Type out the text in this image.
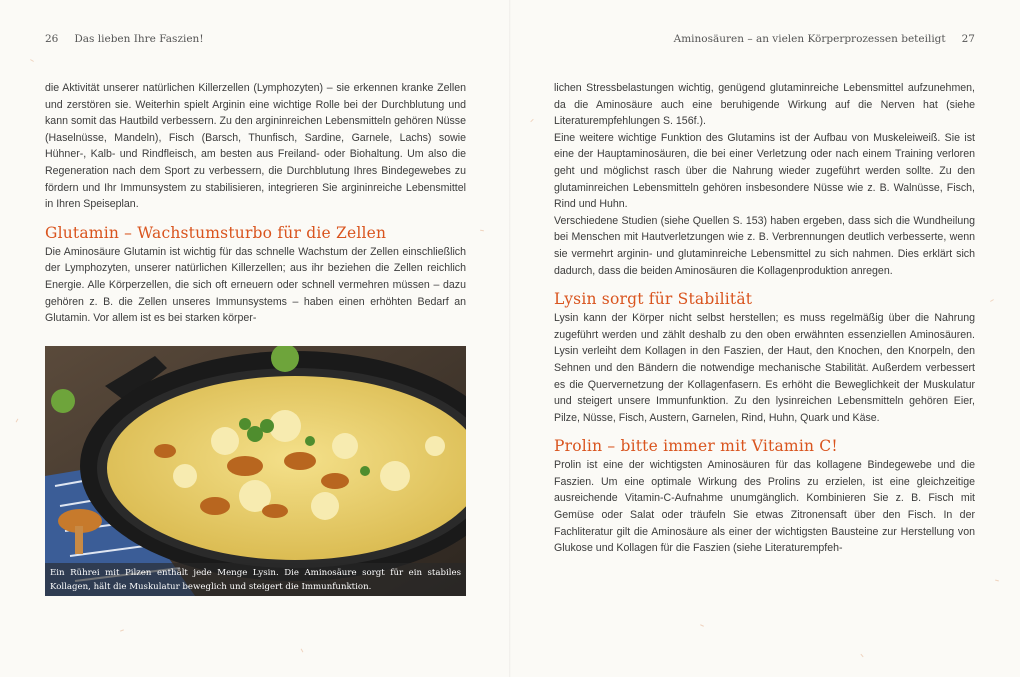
26 Das lieben Ihre Faszien!

die Aktivität unserer natürlichen Killerzellen (Lymphozyten) – sie erkennen kranke Zellen und zerstören sie. Weiterhin spielt Arginin eine wichtige Rolle bei der Durchblutung und kann somit das Hautbild verbessern. Zu den argininreichen Lebensmitteln gehören Nüsse (Haselnüsse, Mandeln), Fisch (Barsch, Thunfisch, Sardine, Garnele, Lachs) sowie Hühner-, Kalb- und Rindfleisch, am besten aus Freiland- oder Biohaltung. Um also die Regeneration nach dem Sport zu verbessern, die Durchblutung Ihres Bindegewebes zu fördern und Ihr Immunsystem zu stabilisieren, integrieren Sie argininreiche Lebensmittel in Ihren Speiseplan.

Glutamin – Wachstumsturbo für die Zellen

Die Aminosäure Glutamin ist wichtig für das schnelle Wachstum der Zellen einschließlich der Lymphozyten, unserer natürlichen Killerzellen; aus ihr beziehen die Zellen reichlich Energie. Alle Körperzellen, die sich oft erneuern oder schnell vermehren müssen – dazu gehören z. B. die Zellen unseres Immunsystems – haben einen erhöhten Bedarf an Glutamin. Vor allem ist es bei starken körper-

Ein Rührei mit Pilzen enthält jede Menge Lysin. Die Aminosäure sorgt für ein stabiles Kollagen, hält die Muskulatur beweglich und steigert die Immunfunktion.
Aminosäuren – an vielen Körperprozessen beteiligt 27

lichen Stressbelastungen wichtig, genügend glutaminreiche Lebensmittel aufzunehmen, da die Aminosäure auch eine beruhigende Wirkung auf die Nerven hat (siehe Literaturempfehlungen S. 156f.).

Eine weitere wichtige Funktion des Glutamins ist der Aufbau von Muskeleiweiß. Sie ist eine der Hauptaminosäuren, die bei einer Verletzung oder nach einem Training verloren geht und möglichst rasch über die Nahrung wieder zugeführt werden sollte. Zu den glutaminreichen Lebensmitteln gehören insbesondere Nüsse wie z. B. Walnüsse, Fisch, Rind und Huhn.

Verschiedene Studien (siehe Quellen S. 153) haben ergeben, dass sich die Wundheilung bei Menschen mit Hautverletzungen wie z. B. Verbrennungen deutlich verbesserte, wenn sie vermehrt arginin- und glutaminreiche Lebensmittel zu sich nahmen. Dies erklärt sich dadurch, dass die beiden Aminosäuren die Kollagenproduktion anregen.

Lysin sorgt für Stabilität

Lysin kann der Körper nicht selbst herstellen; es muss regelmäßig über die Nahrung zugeführt werden und zählt deshalb zu den oben erwähnten essenziellen Aminosäuren. Lysin verleiht dem Kollagen in den Faszien, der Haut, den Knochen, den Knorpeln, den Sehnen und den Bändern die notwendige mechanische Stabilität. Außerdem verbessert es die Quervernetzung der Kollagenfasern. Es erhöht die Beweglichkeit der Muskulatur und steigert unsere Immunfunktion. Zu den lysinreichen Lebensmitteln gehören Eier, Pilze, Nüsse, Fisch, Austern, Garnelen, Rind, Huhn, Quark und Käse.

Prolin – bitte immer mit Vitamin C!

Prolin ist eine der wichtigsten Aminosäuren für das kollagene Bindegewebe und die Faszien. Um eine optimale Wirkung des Prolins zu erzielen, ist eine gleichzeitige ausreichende Vitamin-C-Aufnahme unumgänglich. Kombinieren Sie z. B. Fisch mit Gemüse oder Salat oder träufeln Sie etwas Zitronensaft über den Fisch. In der Fachliteratur gilt die Aminosäure als einer der wichtigsten Bausteine zur Herstellung von Glukose und Kollagen für die Faszien (siehe Literaturempfeh-
